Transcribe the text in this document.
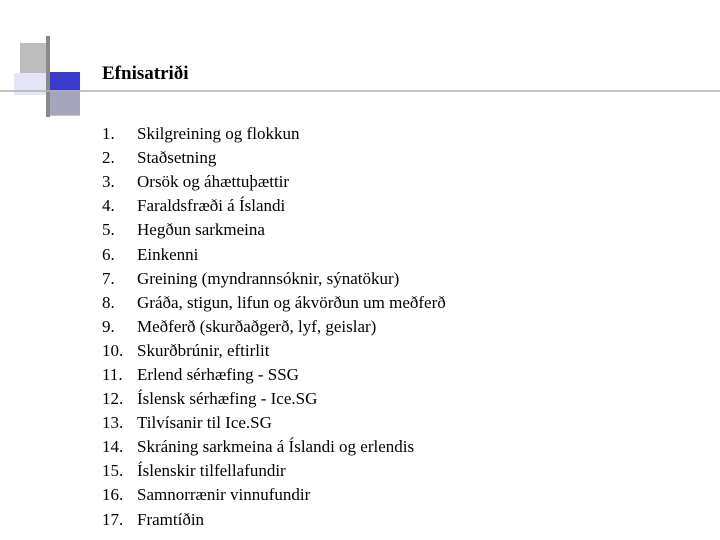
Efnisatriði
1.	Skilgreining og flokkun
2.	Staðsetning
3.	Orsök og áhættuþættir
4.	Faraldsfræði á Íslandi
5.	Hegðun sarkmeina
6.	Einkenni
7.	Greining (myndrannsóknir, sýnatökur)
8.	Gráða, stigun, lifun og ákvörðun um meðferð
9.	Meðferð (skurðaðgerð, lyf, geislar)
10. Skurðbrúnir, eftirlit
11. Erlend sérhæfing - SSG
12. Íslensk sérhæfing - Ice.SG
13. Tilvísanir til Ice.SG
14. Skráning sarkmeina á Íslandi og erlendis
15. Íslenskir tilfellafundir
16. Samnorrænir vinnufundir
17. Framtíðin
